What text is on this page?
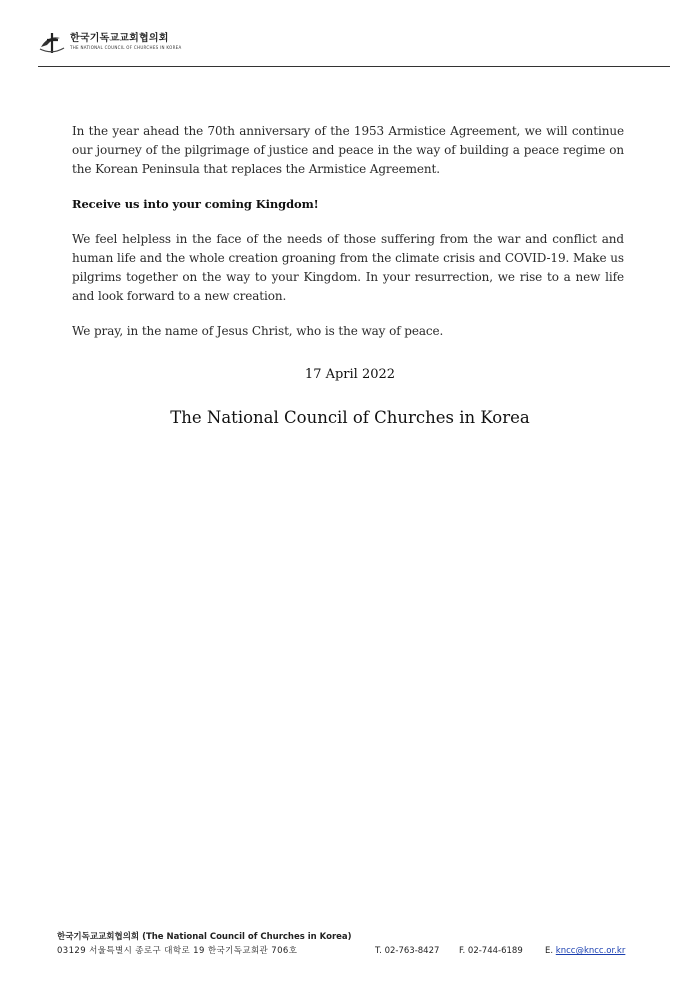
한국기독교교회협의회
THE NATIONAL COUNCIL OF CHURCHES IN KOREA

In the year ahead the 70th anniversary of the 1953 Armistice Agreement, we will continue our journey of the pilgrimage of justice and peace in the way of building a peace regime on the Korean Peninsula that replaces the Armistice Agreement.

Receive us into your coming Kingdom!

We feel helpless in the face of the needs of those suffering from the war and conflict and human life and the whole creation groaning from the climate crisis and COVID-19. Make us pilgrims together on the way to your Kingdom. In your resurrection, we rise to a new life and look forward to a new creation.

We pray, in the name of Jesus Christ, who is the way of peace.

17 April 2022
The National Council of Churches in Korea
한국기독교교회협의회 (The National Council of Churches in Korea)
03129 서울특별시 종로구 대학로 19 한국기독교회관 706호	T. 02-763-8427	F. 02-744-6189	E. kncc@kncc.or.kr
